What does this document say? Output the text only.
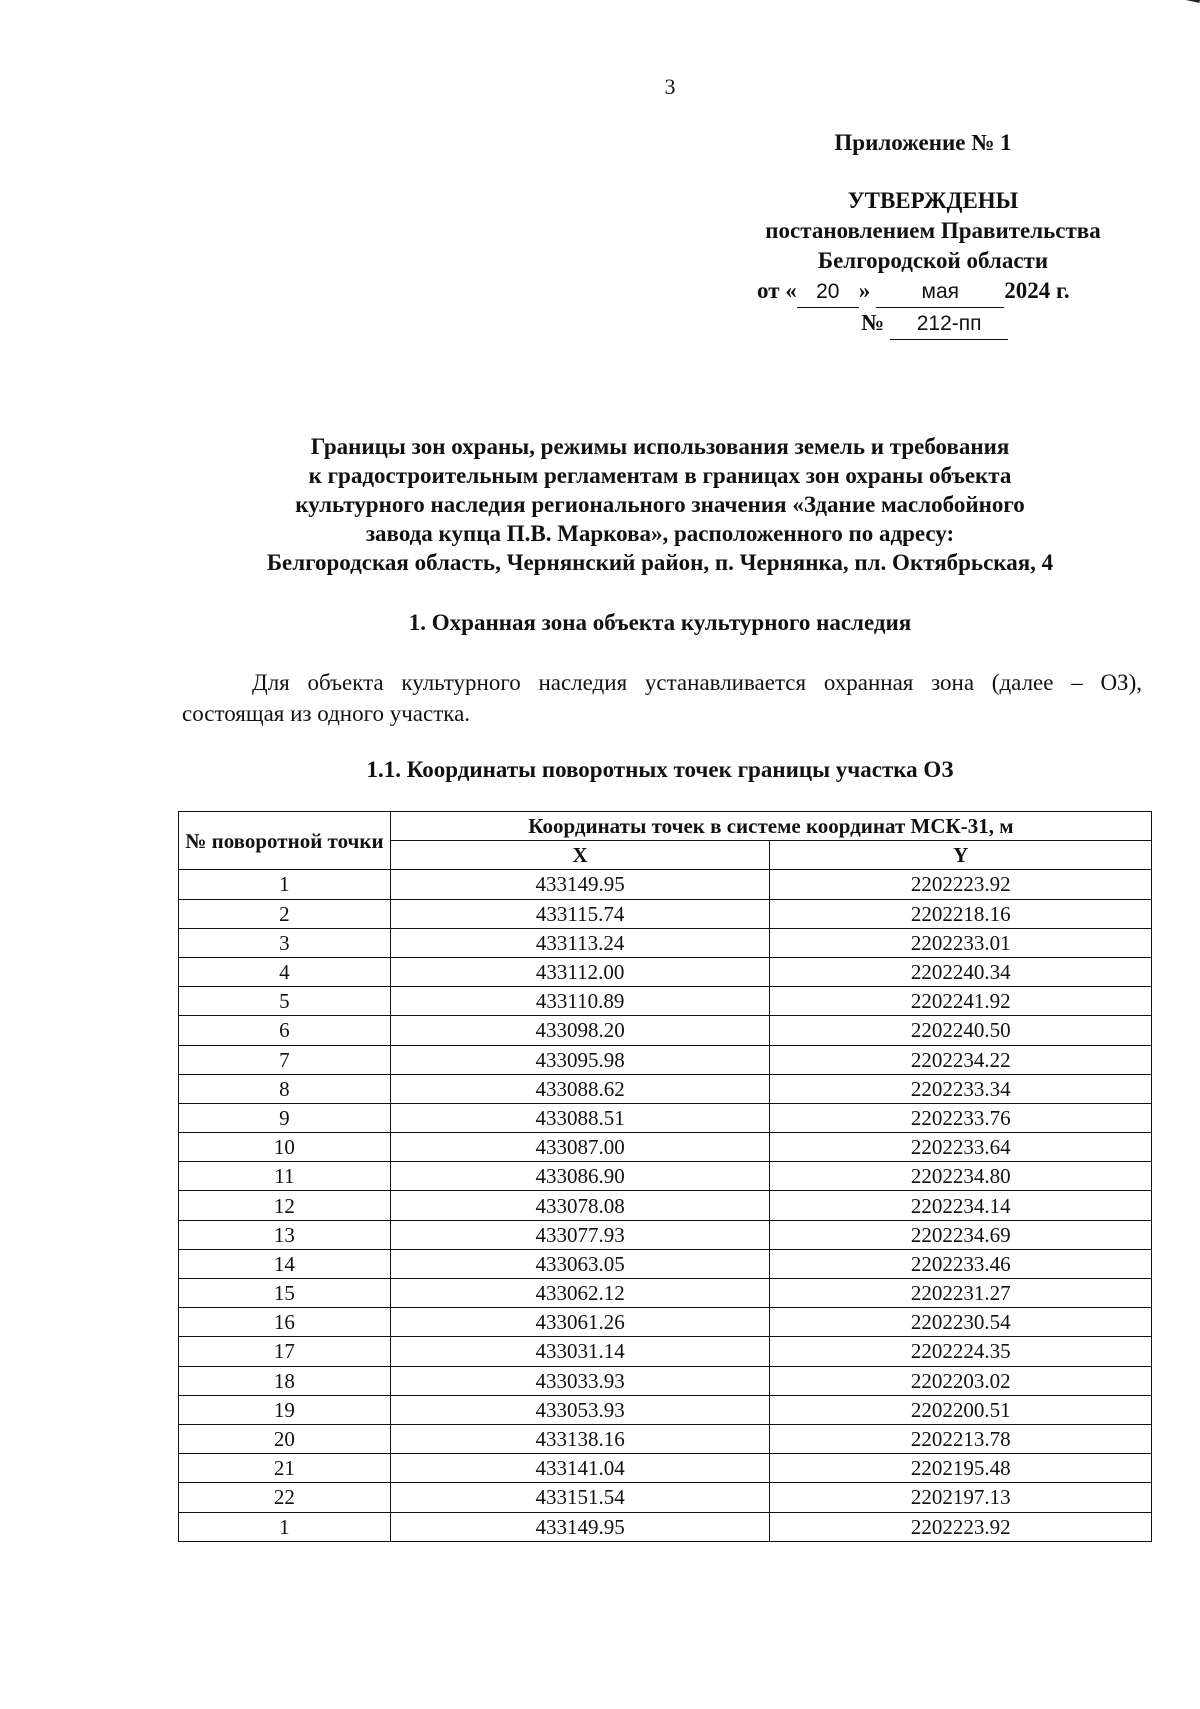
3
Приложение № 1
УТВЕРЖДЕНЫ
постановлением Правительства
Белгородской области
от « 20 » мая 2024 г.
№ 212-пп
Границы зон охраны, режимы использования земель и требования
к градостроительным регламентам в границах зон охраны объекта
культурного наследия регионального значения «Здание маслобойного
завода купца П.В. Маркова», расположенного по адресу:
Белгородская область, Чернянский район, п. Чернянка, пл. Октябрьская, 4
1. Охранная зона объекта культурного наследия
Для объекта культурного наследия устанавливается охранная зона (далее – ОЗ), состоящая из одного участка.
1.1. Координаты поворотных точек границы участка ОЗ
№ поворотной точки	Координаты точек в системе координат МСК-31, м	
	X	Y
1	433149.95	2202223.92
2	433115.74	2202218.16
3	433113.24	2202233.01
4	433112.00	2202240.34
5	433110.89	2202241.92
6	433098.20	2202240.50
7	433095.98	2202234.22
8	433088.62	2202233.34
9	433088.51	2202233.76
10	433087.00	2202233.64
11	433086.90	2202234.80
12	433078.08	2202234.14
13	433077.93	2202234.69
14	433063.05	2202233.46
15	433062.12	2202231.27
16	433061.26	2202230.54
17	433031.14	2202224.35
18	433033.93	2202203.02
19	433053.93	2202200.51
20	433138.16	2202213.78
21	433141.04	2202195.48
22	433151.54	2202197.13
1	433149.95	2202223.92
